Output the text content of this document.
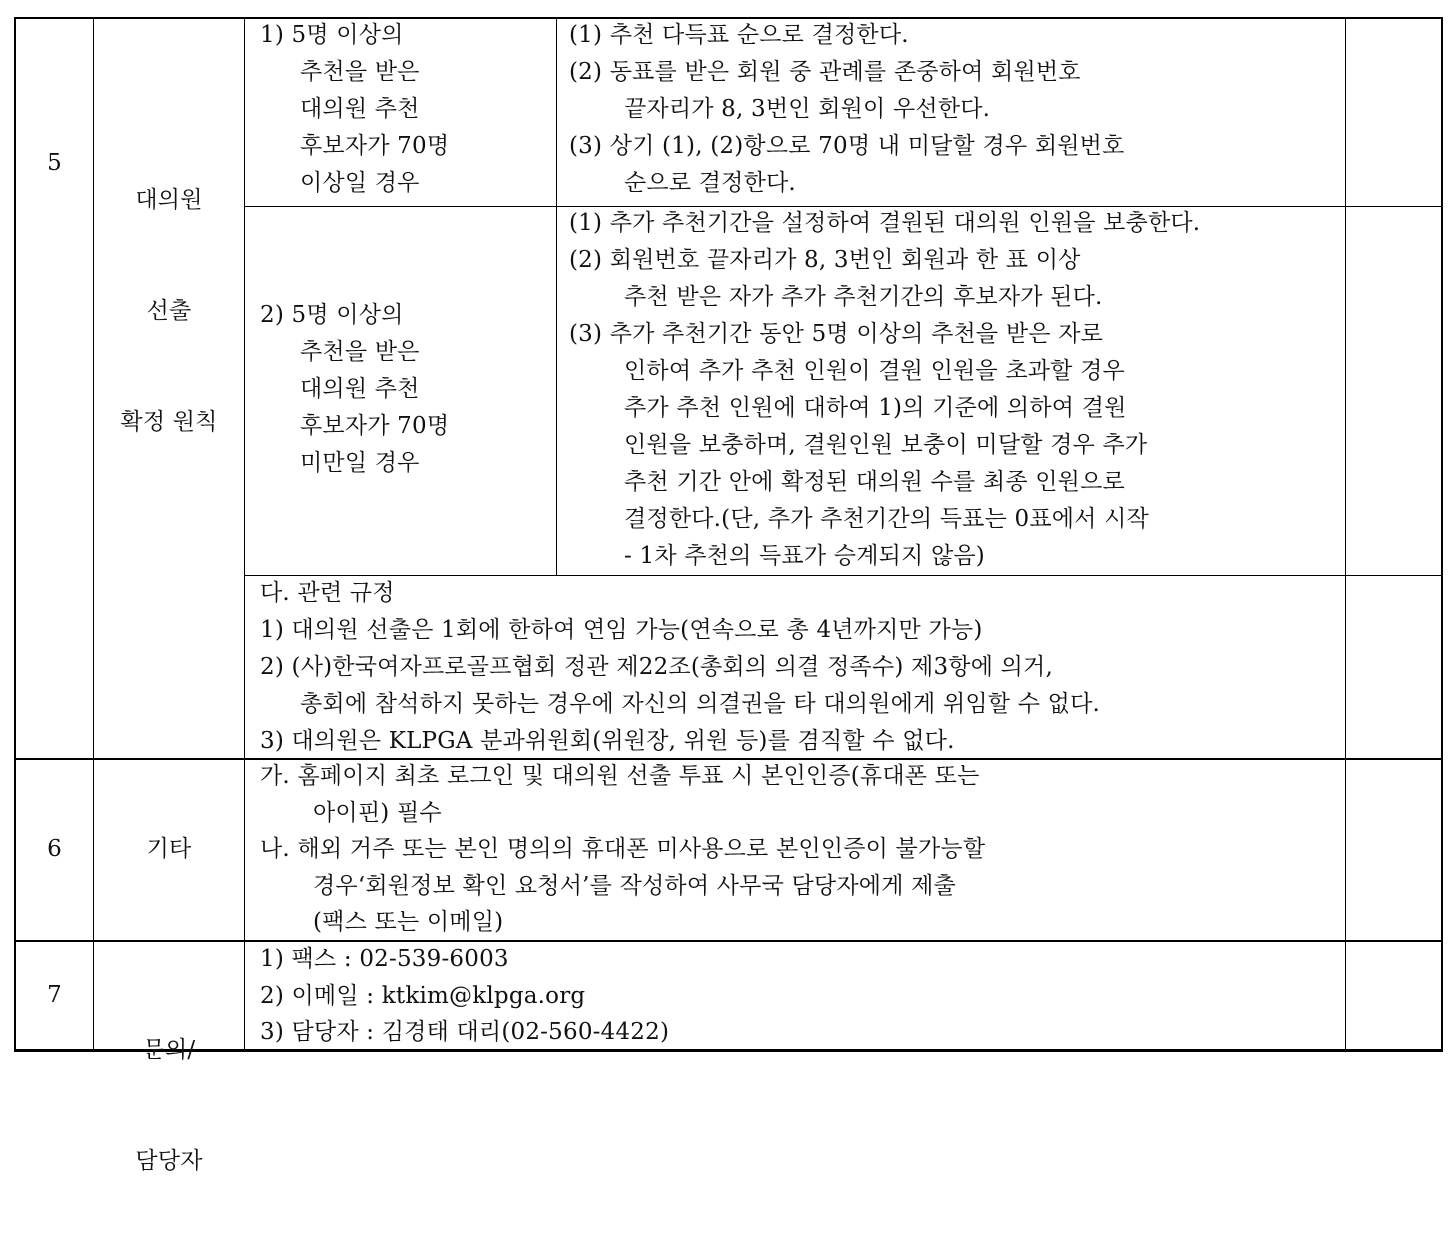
5

대의원

선출

확정 원칙

1) 5명 이상의
추천을 받은
대의원 추천
후보자가 70명
이상일 경우
(1) 추천 다득표 순으로 결정한다.
(2) 동표를 받은 회원 중 관례를 존중하여 회원번호
끝자리가 8, 3번인 회원이 우선한다.
(3) 상기 (1), (2)항으로 70명 내 미달할 경우 회원번호
순으로 결정한다.
2) 5명 이상의
추천을 받은
대의원 추천
후보자가 70명
미만일 경우
(1) 추가 추천기간을 설정하여 결원된 대의원 인원을 보충한다.
(2) 회원번호 끝자리가 8, 3번인 회원과 한 표 이상
추천 받은 자가 추가 추천기간의 후보자가 된다.
(3) 추가 추천기간 동안 5명 이상의 추천을 받은 자로
인하여 추가 추천 인원이 결원 인원을 초과할 경우
추가 추천 인원에 대하여 1)의 기준에 의하여 결원
인원을 보충하며, 결원인원 보충이 미달할 경우 추가
추천 기간 안에 확정된 대의원 수를 최종 인원으로
결정한다.(단, 추가 추천기간의 득표는 0표에서 시작
- 1차 추천의 득표가 승계되지 않음)
다. 관련 규정
1) 대의원 선출은 1회에 한하여 연임 가능(연속으로 총 4년까지만 가능)
2) (사)한국여자프로골프협회 정관 제22조(총회의 의결 정족수) 제3항에 의거,
총회에 참석하지 못하는 경우에 자신의 의결권을 타 대의원에게 위임할 수 없다.
3) 대의원은 KLPGA 분과위원회(위원장, 위원 등)를 겸직할 수 없다.
6	기타
가. 홈페이지 최초 로그인 및 대의원 선출 투표 시 본인인증(휴대폰 또는
아이핀) 필수
나. 해외 거주 또는 본인 명의의 휴대폰 미사용으로 본인인증이 불가능할
경우‘회원정보 확인 요청서’를 작성하여 사무국 담당자에게 제출
(팩스 또는 이메일)
7

문의/

담당자

1) 팩스 : 02-539-6003
2) 이메일 : ktkim@klpga.org
3) 담당자 : 김경태 대리(02-560-4422)
